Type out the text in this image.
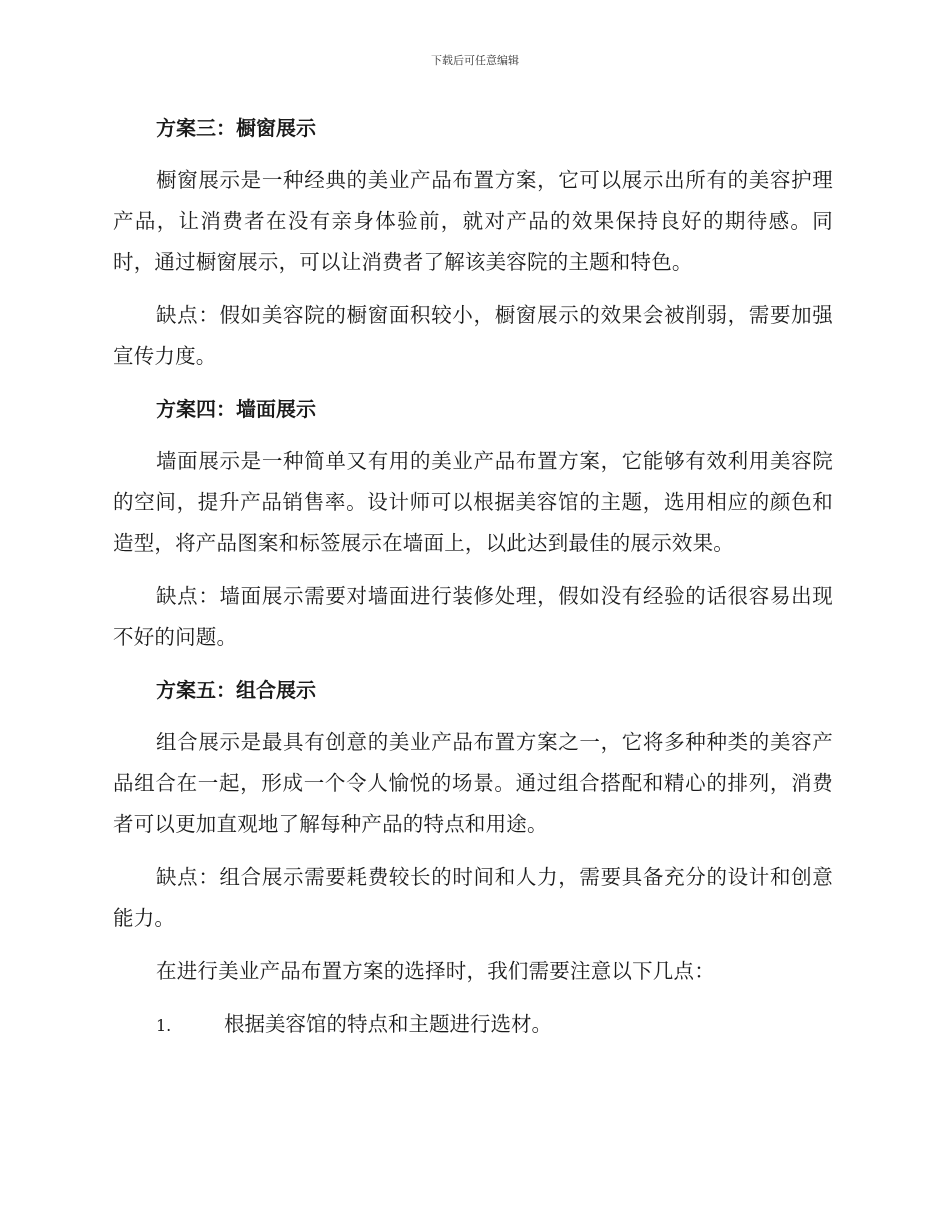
下载后可任意编辑
方案三：橱窗展示

橱窗展示是一种经典的美业产品布置方案，它可以展示出所有的美容护理产品，让消费者在没有亲身体验前，就对产品的效果保持良好的期待感。同时，通过橱窗展示，可以让消费者了解该美容院的主题和特色。

缺点：假如美容院的橱窗面积较小，橱窗展示的效果会被削弱，需要加强宣传力度。

方案四：墙面展示

墙面展示是一种简单又有用的美业产品布置方案，它能够有效利用美容院的空间，提升产品销售率。设计师可以根据美容馆的主题，选用相应的颜色和造型，将产品图案和标签展示在墙面上，以此达到最佳的展示效果。

缺点：墙面展示需要对墙面进行装修处理，假如没有经验的话很容易出现不好的问题。

方案五：组合展示

组合展示是最具有创意的美业产品布置方案之一，它将多种种类的美容产品组合在一起，形成一个令人愉悦的场景。通过组合搭配和精心的排列，消费者可以更加直观地了解每种产品的特点和用途。

缺点：组合展示需要耗费较长的时间和人力，需要具备充分的设计和创意能力。

在进行美业产品布置方案的选择时，我们需要注意以下几点：

1.	根据美容馆的特点和主题进行选材。
